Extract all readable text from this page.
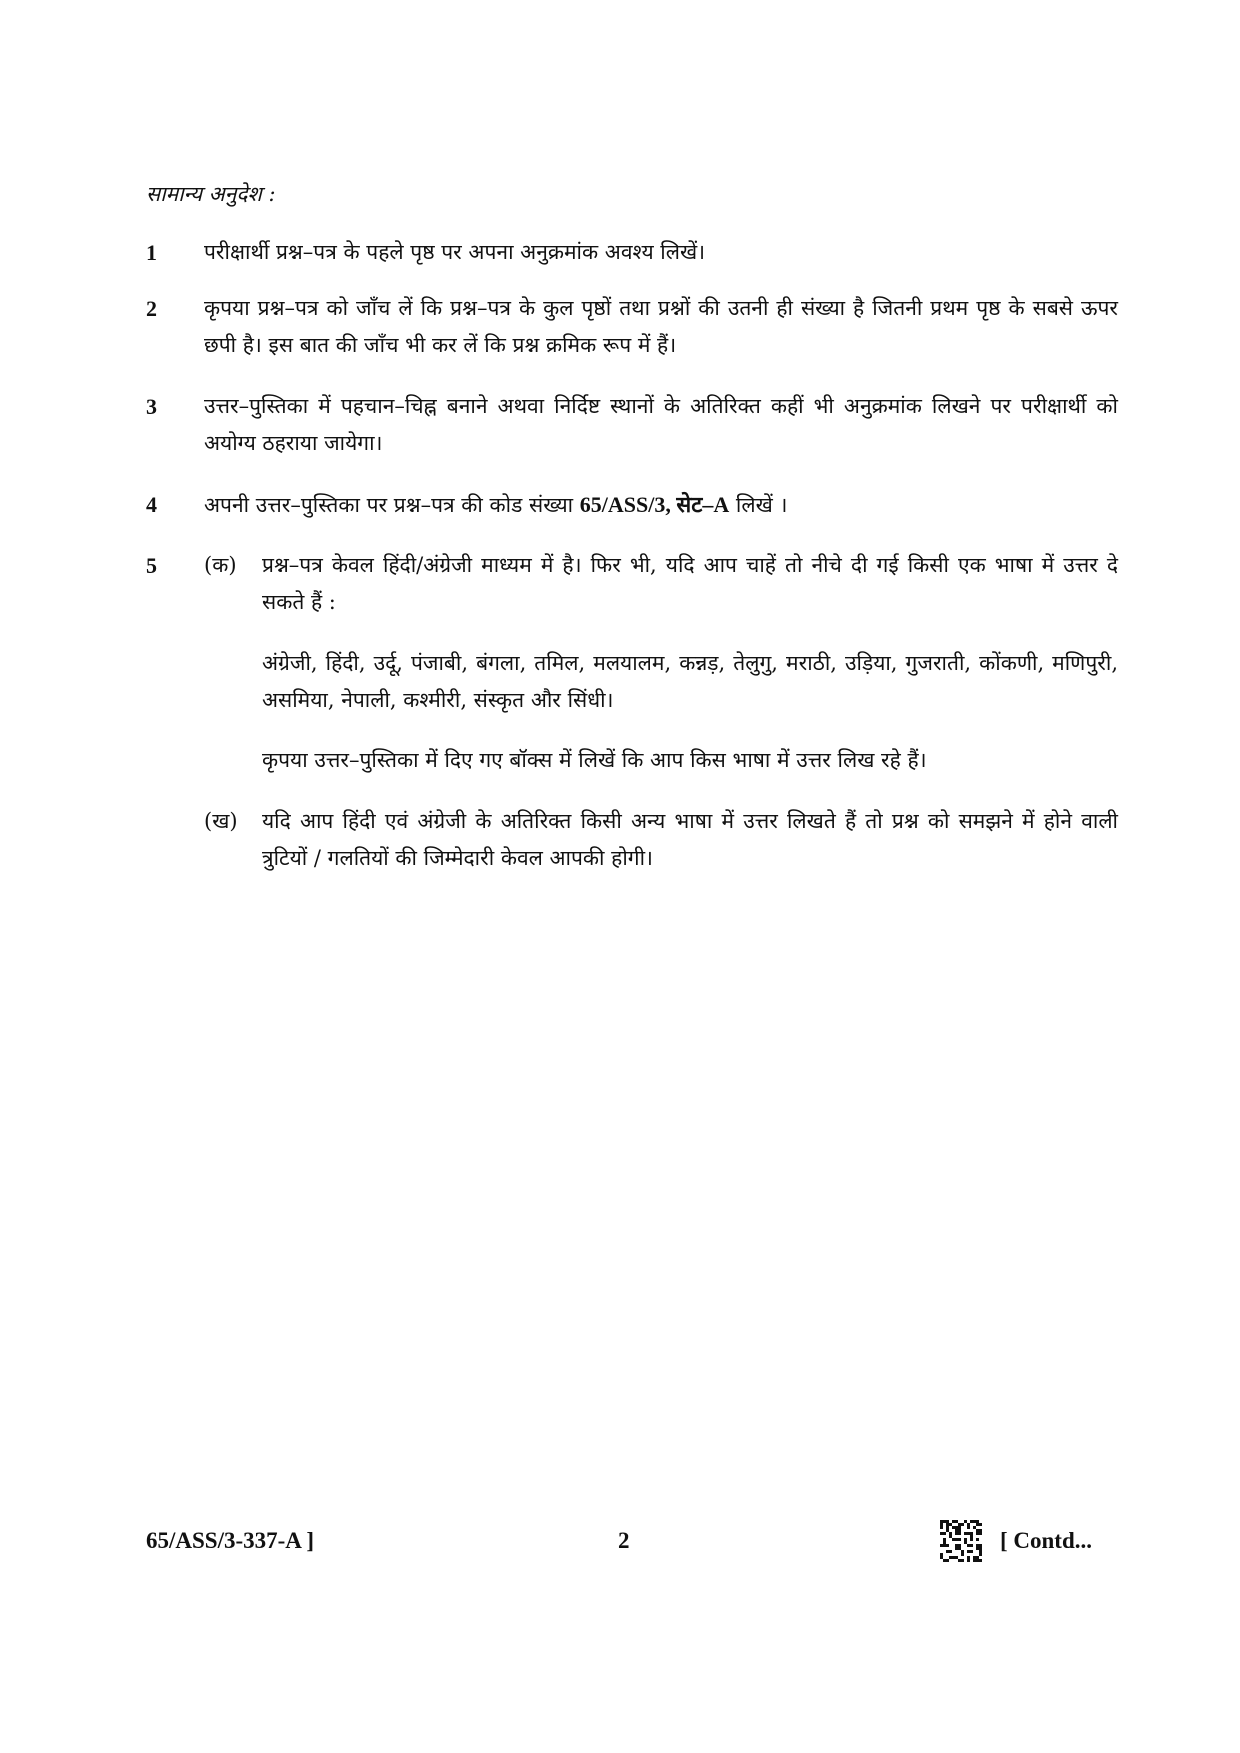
सामान्य अनुदेश :
1 परीक्षार्थी प्रश्न–पत्र के पहले पृष्ठ पर अपना अनुक्रमांक अवश्य लिखें।
2 कृपया प्रश्न–पत्र को जाँच लें कि प्रश्न–पत्र के कुल पृष्ठों तथा प्रश्नों की उतनी ही संख्या है जितनी प्रथम पृष्ठ के सबसे ऊपर छपी है। इस बात की जाँच भी कर लें कि प्रश्न क्रमिक रूप में हैं।
3 उत्तर–पुस्तिका में पहचान–चिह्न बनाने अथवा निर्दिष्ट स्थानों के अतिरिक्त कहीं भी अनुक्रमांक लिखने पर परीक्षार्थी को अयोग्य ठहराया जायेगा।
4 अपनी उत्तर–पुस्तिका पर प्रश्न–पत्र की कोड संख्या 65/ASS/3, सेट–A लिखें ।
5 (क) प्रश्न–पत्र केवल हिंदी/अंग्रेजी माध्यम में है। फिर भी, यदि आप चाहें तो नीचे दी गई किसी एक भाषा में उत्तर दे सकते हैं :
अंग्रेजी, हिंदी, उर्दू, पंजाबी, बंगला, तमिल, मलयालम, कन्नड़, तेलुगु, मराठी, उड़िया, गुजराती, कोंकणी, मणिपुरी, असमिया, नेपाली, कश्मीरी, संस्कृत और सिंधी।
कृपया उत्तर–पुस्तिका में दिए गए बॉक्स में लिखें कि आप किस भाषा में उत्तर लिख रहे हैं।
(ख) यदि आप हिंदी एवं अंग्रेजी के अतिरिक्त किसी अन्य भाषा में उत्तर लिखते हैं तो प्रश्न को समझने में होने वाली त्रुटियों / गलतियों की जिम्मेदारी केवल आपकी होगी।
65/ASS/3-337-A ]	2	[ Contd...
